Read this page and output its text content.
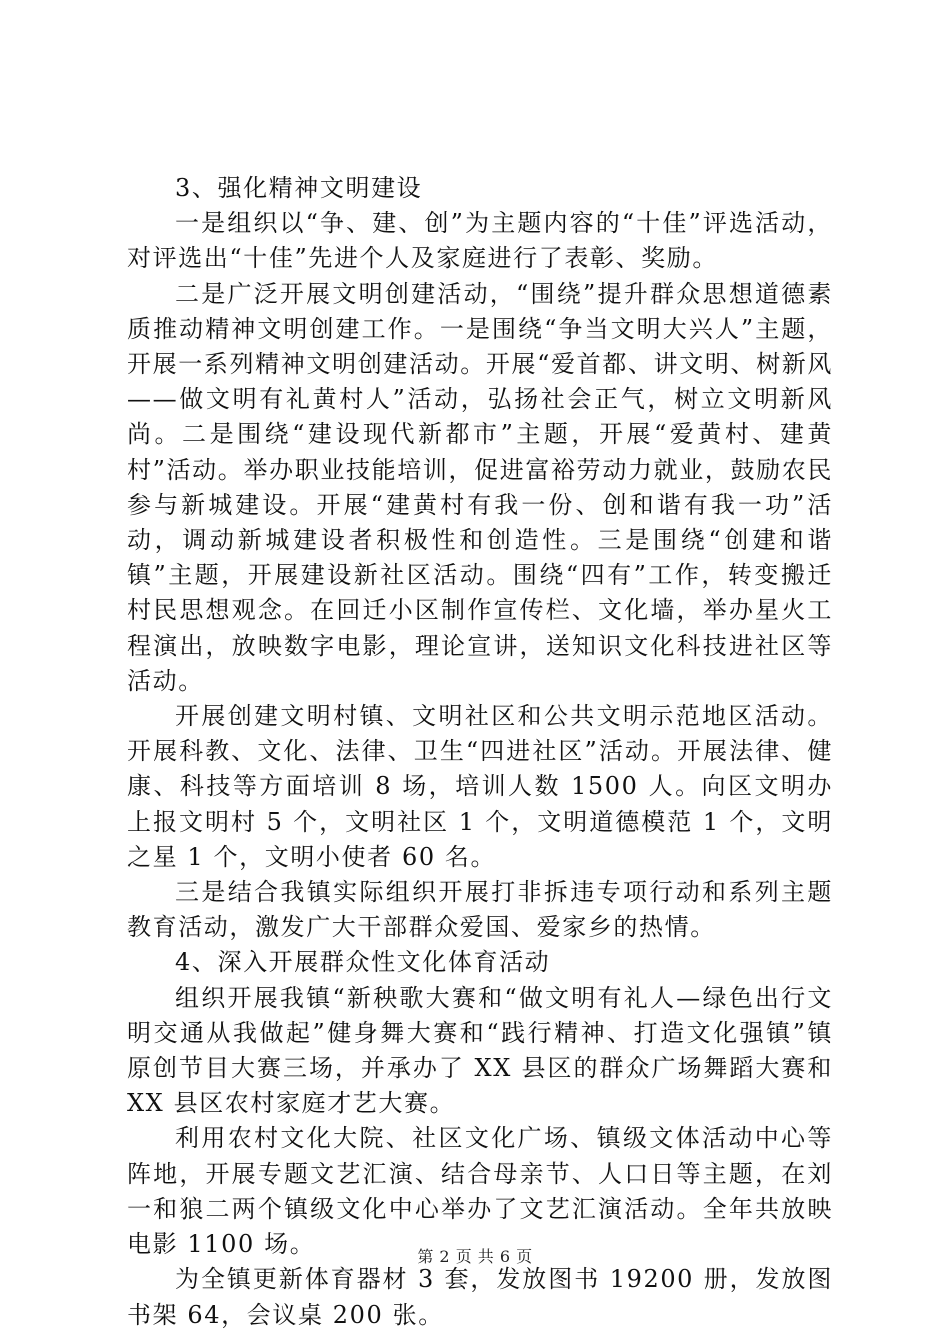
3、强化精神文明建设

一是组织以“争、建、创”为主题内容的“十佳”评选活动，对评选出“十佳”先进个人及家庭进行了表彰、奖励。

二是广泛开展文明创建活动，“围绕”提升群众思想道德素质推动精神文明创建工作。一是围绕“争当文明大兴人”主题，开展一系列精神文明创建活动。开展“爱首都、讲文明、树新风——做文明有礼黄村人”活动，弘扬社会正气，树立文明新风尚。二是围绕“建设现代新都市”主题，开展“爱黄村、建黄村”活动。举办职业技能培训，促进富裕劳动力就业，鼓励农民参与新城建设。开展“建黄村有我一份、创和谐有我一功”活动，调动新城建设者积极性和创造性。三是围绕“创建和谐镇”主题，开展建设新社区活动。围绕“四有”工作，转变搬迁村民思想观念。在回迁小区制作宣传栏、文化墙，举办星火工程演出，放映数字电影，理论宣讲，送知识文化科技进社区等活动。

开展创建文明村镇、文明社区和公共文明示范地区活动。开展科教、文化、法律、卫生“四进社区”活动。开展法律、健康、科技等方面培训 8 场，培训人数 1500 人。向区文明办上报文明村 5 个，文明社区 1 个，文明道德模范 1 个，文明之星 1 个，文明小使者 60 名。

三是结合我镇实际组织开展打非拆违专项行动和系列主题教育活动，激发广大干部群众爱国、爱家乡的热情。

4、深入开展群众性文化体育活动

组织开展我镇“新秧歌大赛和“做文明有礼人—绿色出行文明交通从我做起”健身舞大赛和“践行精神、打造文化强镇”镇原创节目大赛三场，并承办了 XX 县区的群众广场舞蹈大赛和 XX 县区农村家庭才艺大赛。

利用农村文化大院、社区文化广场、镇级文体活动中心等阵地，开展专题文艺汇演、结合母亲节、人口日等主题，在刘一和狼二两个镇级文化中心举办了文艺汇演活动。全年共放映电影 1100 场。

为全镇更新体育器材 3 套，发放图书 19200 册，发放图书架 64，会议桌 200 张。

第 2 页 共 6 页
